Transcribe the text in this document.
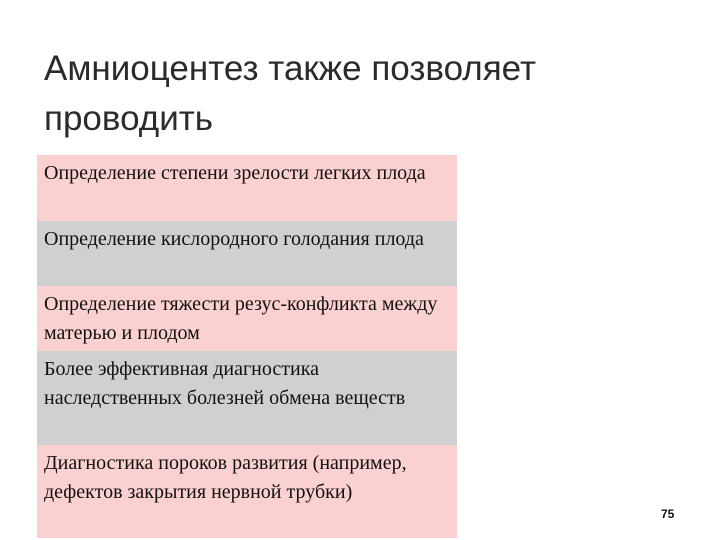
Амниоцентез также позволяет проводить
Определение степени зрелости легких плода
Определение кислородного голодания плода
Определение тяжести резус-конфликта между матерью и плодом
Более эффективная диагностика наследственных болезней обмена веществ
Диагностика пороков развития (например, дефектов закрытия нервной трубки)
75
